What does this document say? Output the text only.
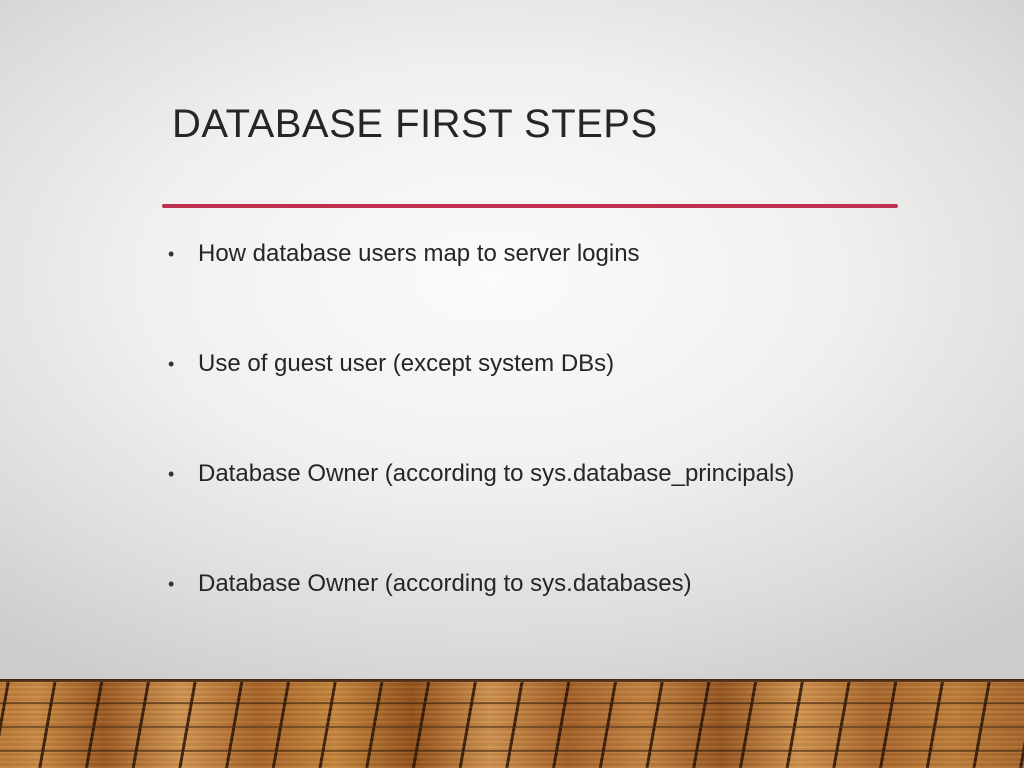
DATABASE FIRST STEPS
• How database users map to server logins
• Use of guest user (except system DBs)
• Database Owner (according to sys.database_principals)
• Database Owner (according to sys.databases)
